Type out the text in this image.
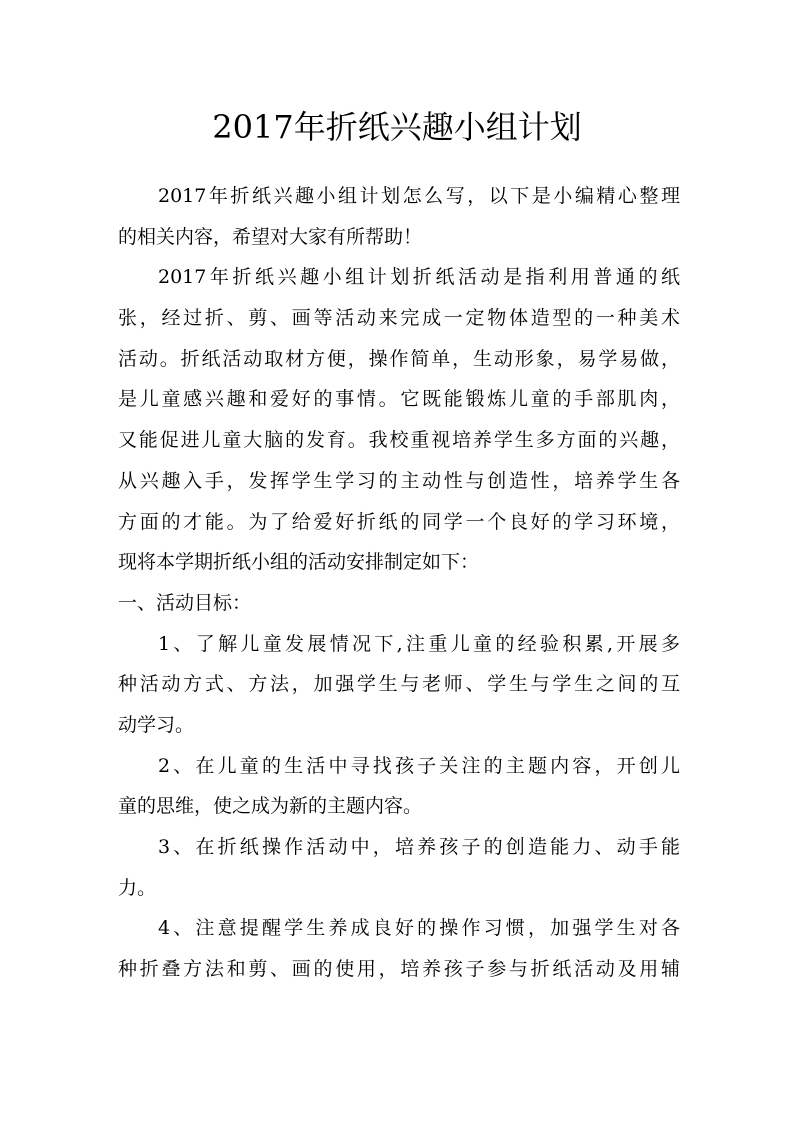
2017年折纸兴趣小组计划
2017年折纸兴趣小组计划怎么写，以下是小编精心整理
的相关内容，希望对大家有所帮助！
2017年折纸兴趣小组计划折纸活动是指利用普通的纸
张，经过折、剪、画等活动来完成一定物体造型的一种美术
活动。折纸活动取材方便，操作简单，生动形象，易学易做，
是儿童感兴趣和爱好的事情。它既能锻炼儿童的手部肌肉，
又能促进儿童大脑的发育。我校重视培养学生多方面的兴趣，
从兴趣入手，发挥学生学习的主动性与创造性，培养学生各
方面的才能。为了给爱好折纸的同学一个良好的学习环境，
现将本学期折纸小组的活动安排制定如下：
一、活动目标：
1、了解儿童发展情况下,注重儿童的经验积累,开展多
种活动方式、方法，加强学生与老师、学生与学生之间的互
动学习。
2、在儿童的生活中寻找孩子关注的主题内容，开创儿
童的思维，使之成为新的主题内容。
3、在折纸操作活动中，培养孩子的创造能力、动手能
力。
4、注意提醒学生养成良好的操作习惯，加强学生对各
种折叠方法和剪、画的使用，培养孩子参与折纸活动及用辅
